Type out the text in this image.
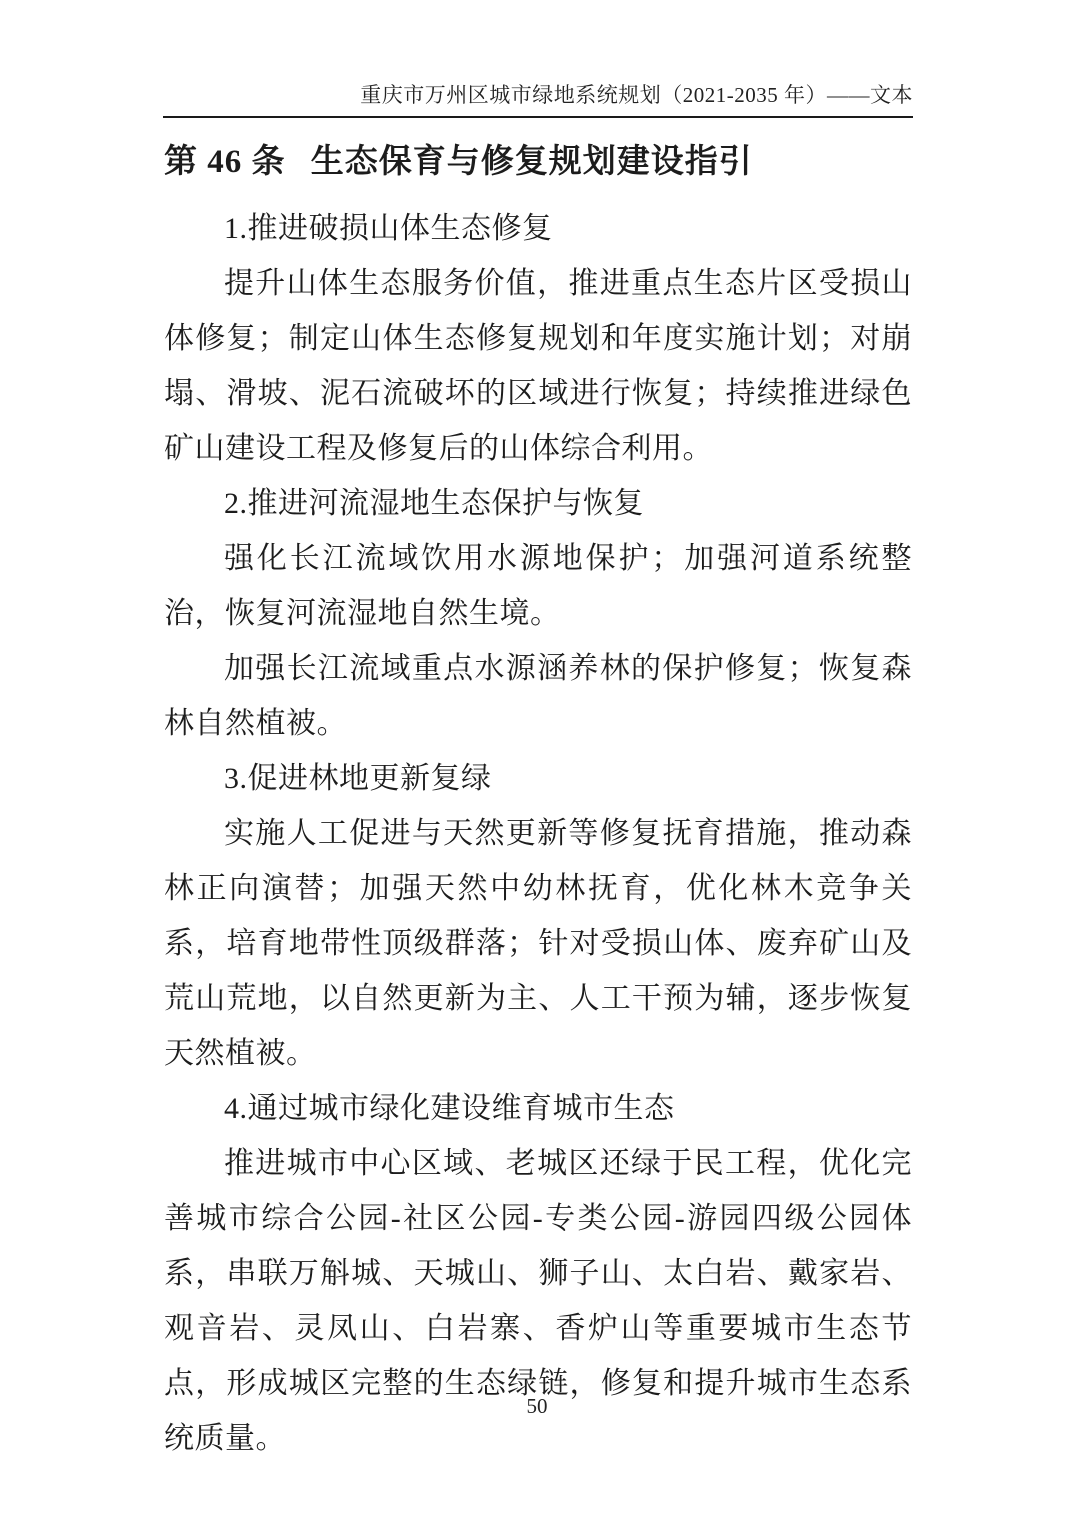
重庆市万州区城市绿地系统规划（2021-2035 年）——文本
第 46 条 生态保育与修复规划建设指引

1.推进破损山体生态修复

提升山体生态服务价值，推进重点生态片区受损山体修复；制定山体生态修复规划和年度实施计划；对崩塌、滑坡、泥石流破坏的区域进行恢复；持续推进绿色矿山建设工程及修复后的山体综合利用。

2.推进河流湿地生态保护与恢复

强化长江流域饮用水源地保护；加强河道系统整治，恢复河流湿地自然生境。

加强长江流域重点水源涵养林的保护修复；恢复森林自然植被。

3.促进林地更新复绿

实施人工促进与天然更新等修复抚育措施，推动森林正向演替；加强天然中幼林抚育，优化林木竞争关系，培育地带性顶级群落；针对受损山体、废弃矿山及荒山荒地，以自然更新为主、人工干预为辅，逐步恢复天然植被。

4.通过城市绿化建设维育城市生态

推进城市中心区域、老城区还绿于民工程，优化完善城市综合公园-社区公园-专类公园-游园四级公园体系，串联万斛城、天城山、狮子山、太白岩、戴家岩、观音岩、灵凤山、白岩寨、香炉山等重要城市生态节点，形成城区完整的生态绿链，修复和提升城市生态系统质量。

50
